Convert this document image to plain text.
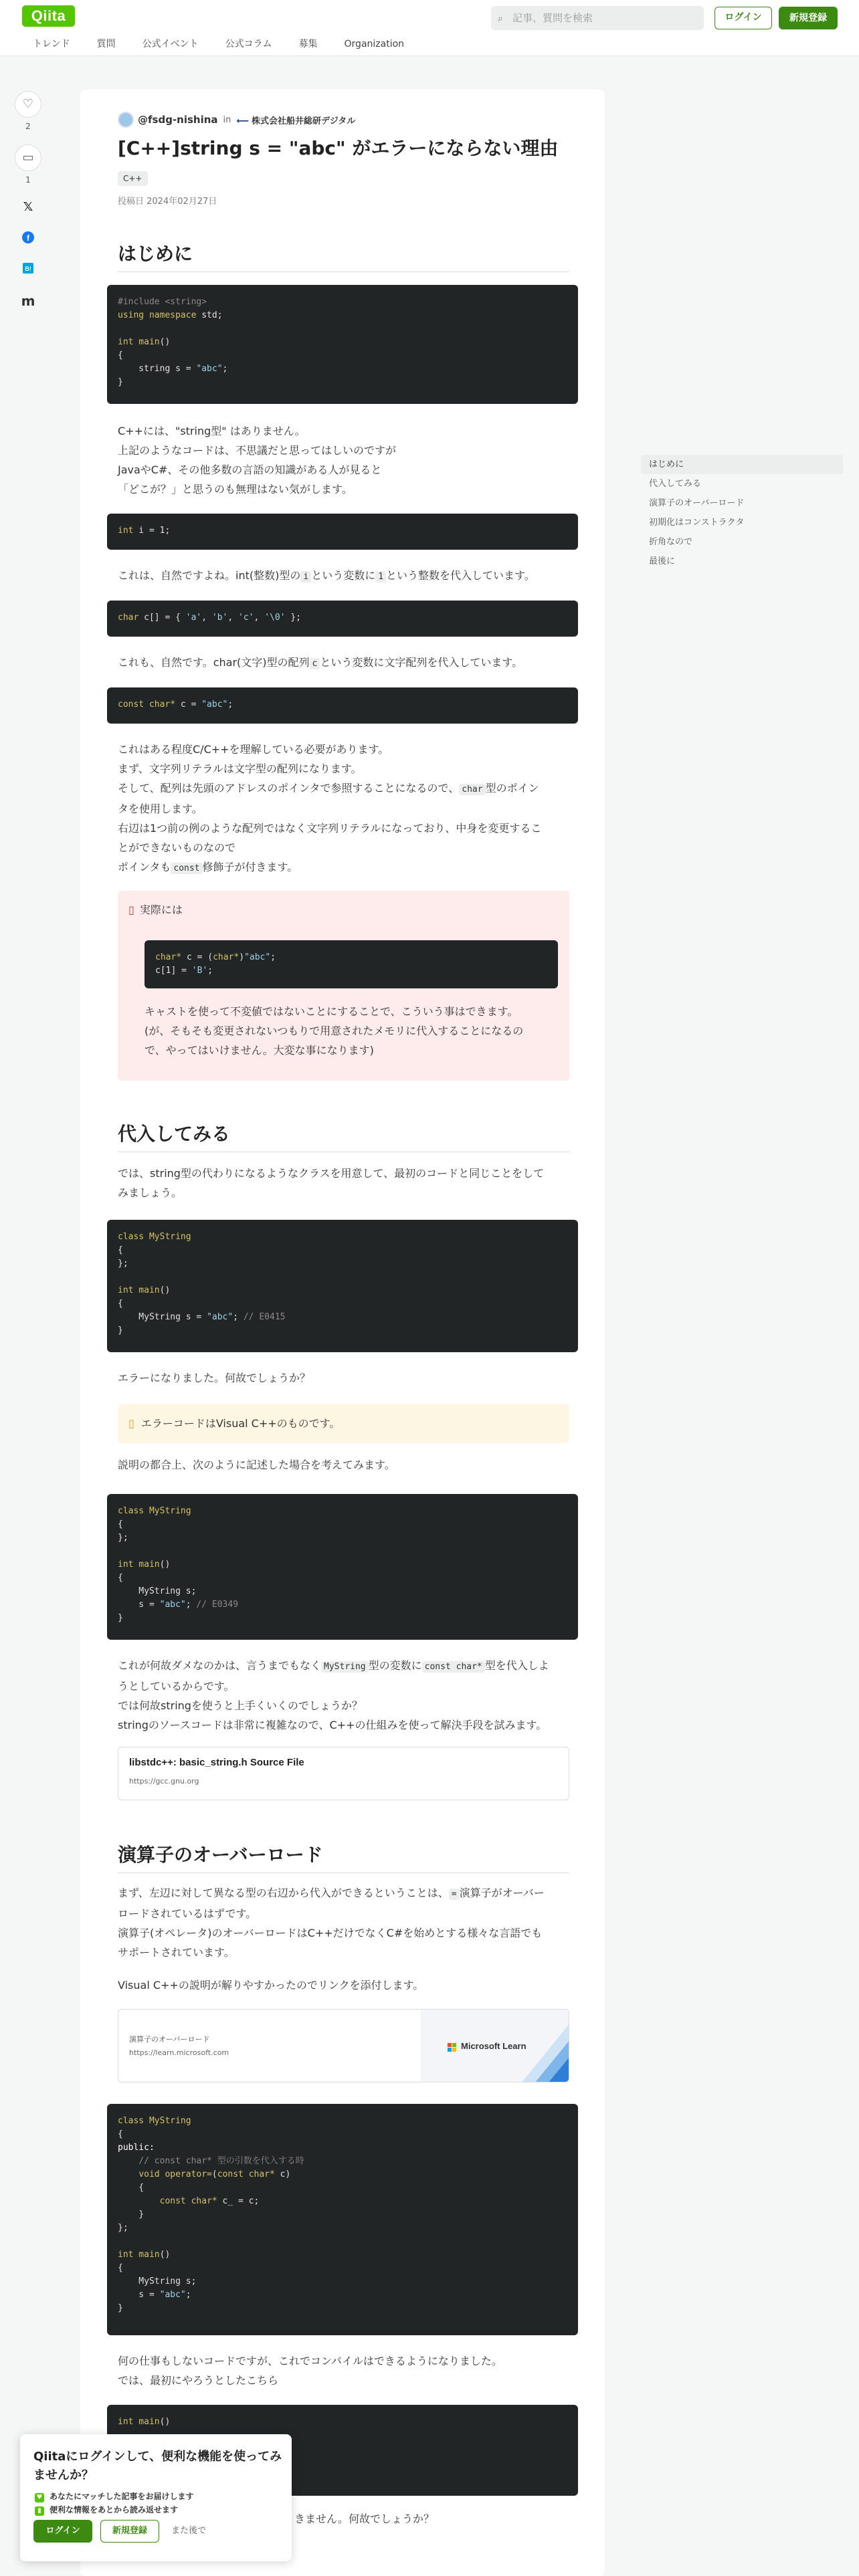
Qiita	⌕ 記事、質問を検索	ログイン	新規登録
トレンド	質問	公式イベント	公式コラム	募集	Organization
♡
2
▭
1
𝕏
f
B!
m
@fsdg-nishina in ⟵ 株式会社船井総研デジタル
[C++]string s = "abc" がエラーにならない理由
C++
投稿日 2024年02月27日
はじめに
#include <string>
using namespace std;

int main()
{
string s = "abc";
}
C++には、"string型" はありません。
上記のようなコードは、不思議だと思ってはしいのですが
JavaやC#、その他多数の言語の知識がある人が見ると
「どこが？」と思うのも無理はない気がします。
int i = 1;
これは、自然ですよね。int(整数)型の i という変数に 1 という整数を代入しています。
char c[] = { 'a', 'b', 'c', '\0' };
これも、自然です。char(文字)型の配列 c という変数に文字配列を代入しています。
const char* c = "abc";
これはある程度C/C++を理解している必要があります。
まず、文字列リテラルは文字型の配列になります。
そして、配列は先頭のアドレスのポインタで参照することになるので、 char 型のポイン
タを使用します。
右辺は1つ前の例のような配列ではなく文字列リテラルになっており、中身を変更するこ
とができないものなので
ポインタも const 修飾子が付きます。
▯ 実際には
char* c = (char*)"abc";
c[1] = 'B';
キャストを使って不変値ではないことにすることで、こういう事はできます。
(が、そもそも変更されないつもりで用意されたメモリに代入することになるの
で、やってはいけません。大変な事になります)
代入してみる
では、string型の代わりになるようなクラスを用意して、最初のコードと同じことをして
みましょう。
class MyString
{
};

int main()
{
MyString s = "abc"; // E0415
}
エラーになりました。何故でしょうか？
▯ エラーコードはVisual C++のものです。
説明の都合上、次のように記述した場合を考えてみます。
class MyString
{
};

int main()
{
MyString s;
s = "abc"; // E0349
}
これが何故ダメなのかは、言うまでもなく MyString 型の変数に const char* 型を代入しよ
うとしているからです。
では何故stringを使うと上手くいくのでしょうか？
stringのソースコードは非常に複雑なので、C++の仕組みを使って解決手段を試みます。
libstdc++: basic_string.h Source File
https://gcc.gnu.org
演算子のオーバーロード
まず、左辺に対して異なる型の右辺から代入ができるということは、 = 演算子がオーバー
ロードされているはずです。
演算子(オペレータ)のオーバーロードはC++だけでなくC#を始めとする様々な言語でも
サポートされています。
Visual C++の説明が解りやすかったのでリンクを添付します。
演算子のオーバーロード
https://learn.microsoft.com
Microsoft Learn
class MyString
{
public:
// const char* 型の引数を代入する時
void operator=(const char* c)
{
const char* c_ = c;
}
};

int main()
{
MyString s;
s = "abc";
}
何の仕事もしないコードですが、これでコンパイルはできるようになりました。
では、最初にやろうとしたこちら
int main()
きません。何故でしょうか？
はじめに
代入してみる
演算子のオーバーロード
初期化はコンストラクタ
折角なので
最後に
Qiitaにログインして、便利な機能を使ってみませんか？
♥ あなたにマッチした記事をお届けします
▮ 便利な情報をあとから読み返せます
ログイン	新規登録	また後で
